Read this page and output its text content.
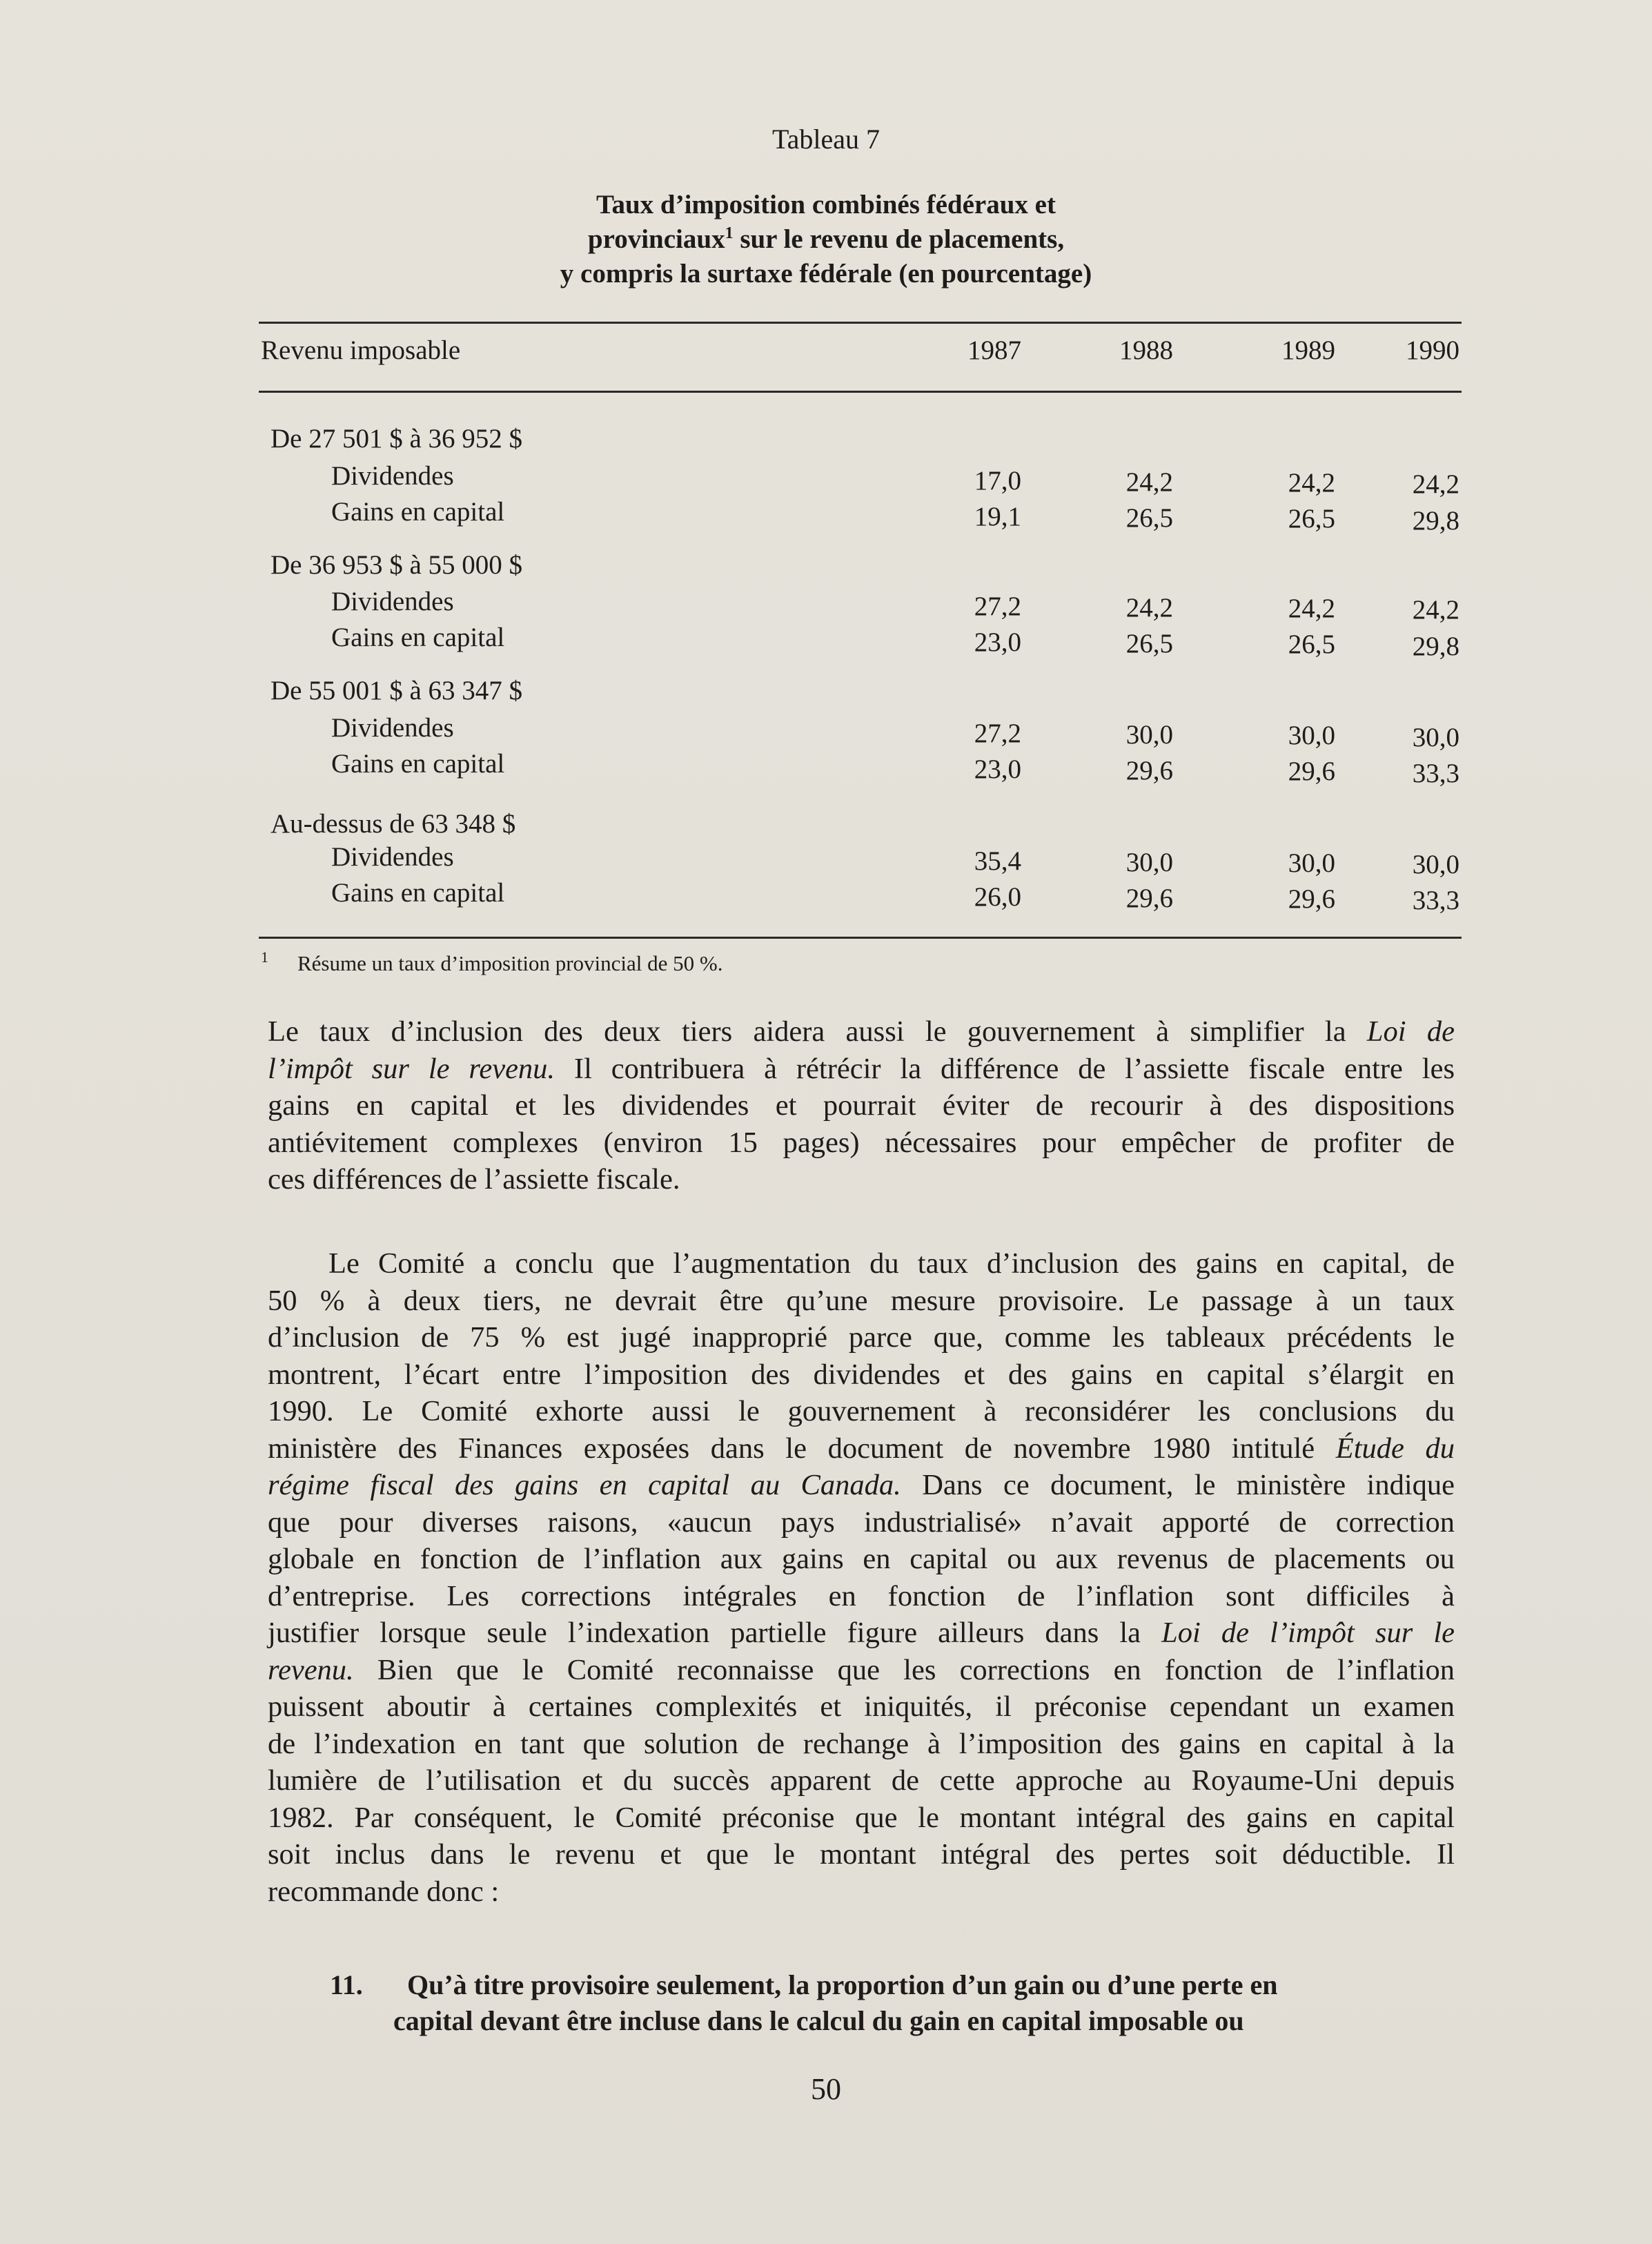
Tableau 7
Taux d’imposition combinés fédéraux et
provinciaux$^1$ sur le revenu de placements,
y compris la surtaxe fédérale (en pourcentage)
Revenu imposable	1987	1988	1989	1990
De 27 501 $ à 36 952 $
Dividendes	17,0	24,2	24,2	24,2
Gains en capital	19,1	26,5	26,5	29,8
De 36 953 $ à 55 000 $
Dividendes	27,2	24,2	24,2	24,2
Gains en capital	23,0	26,5	26,5	29,8
De 55 001 $ à 63 347 $
Dividendes	27,2	30,0	30,0	30,0
Gains en capital	23,0	29,6	29,6	33,3
Au-dessus de 63 348 $
Dividendes	35,4	30,0	30,0	30,0
Gains en capital	26,0	29,6	29,6	33,3
$^1$ Résume un taux d’imposition provincial de 50 %.
Le taux d’inclusion des deux tiers aidera aussi le gouvernement à simplifier la Loi de
l’impôt sur le revenu. Il contribuera à rétrécir la différence de l’assiette fiscale entre les
gains en capital et les dividendes et pourrait éviter de recourir à des dispositions
antiévitement complexes (environ 15 pages) nécessaires pour empêcher de profiter de
ces différences de l’assiette fiscale.
Le Comité a conclu que l’augmentation du taux d’inclusion des gains en capital, de
50 % à deux tiers, ne devrait être qu’une mesure provisoire. Le passage à un taux
d’inclusion de 75 % est jugé inapproprié parce que, comme les tableaux précédents le
montrent, l’écart entre l’imposition des dividendes et des gains en capital s’élargit en
1990. Le Comité exhorte aussi le gouvernement à reconsidérer les conclusions du
ministère des Finances exposées dans le document de novembre 1980 intitulé Étude du
régime fiscal des gains en capital au Canada. Dans ce document, le ministère indique
que pour diverses raisons, «aucun pays industrialisé» n’avait apporté de correction
globale en fonction de l’inflation aux gains en capital ou aux revenus de placements ou
d’entreprise. Les corrections intégrales en fonction de l’inflation sont difficiles à
justifier lorsque seule l’indexation partielle figure ailleurs dans la Loi de l’impôt sur le
revenu. Bien que le Comité reconnaisse que les corrections en fonction de l’inflation
puissent aboutir à certaines complexités et iniquités, il préconise cependant un examen
de l’indexation en tant que solution de rechange à l’imposition des gains en capital à la
lumière de l’utilisation et du succès apparent de cette approche au Royaume-Uni depuis
1982. Par conséquent, le Comité préconise que le montant intégral des gains en capital
soit inclus dans le revenu et que le montant intégral des pertes soit déductible. Il
recommande donc :
11.	Qu’à titre provisoire seulement, la proportion d’un gain ou d’une perte en
capital devant être incluse dans le calcul du gain en capital imposable ou
50
